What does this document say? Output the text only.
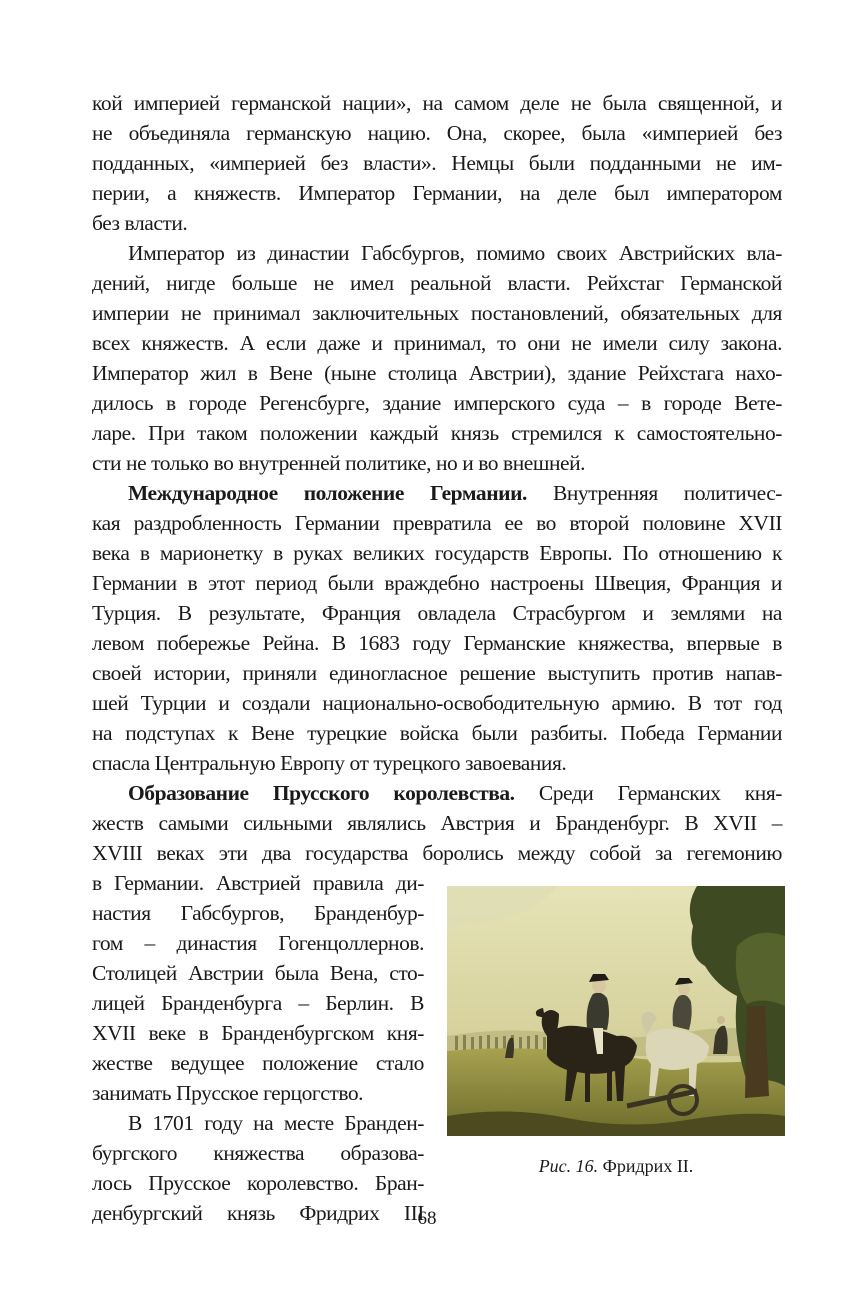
кой империей германской нации», на самом деле не была священной, и
не объединяла германскую нацию. Она, скорее, была «империей без
подданных, «империей без власти». Немцы были подданными не им-
перии, а княжеств. Император Германии, на деле был императором
без власти.
Император из династии Габсбургов, помимо своих Австрийских вла-
дений, нигде больше не имел реальной власти. Рейхстаг Германской
империи не принимал заключительных постановлений, обязательных для
всех княжеств. А если даже и принимал, то они не имели силу закона.
Император жил в Вене (ныне столица Австрии), здание Рейхстага нахо-
дилось в городе Регенсбурге, здание имперского суда – в городе Вете-
ларе. При таком положении каждый князь стремился к самостоятельно-
сти не только во внутренней политике, но и во внешней.
Международное положение Германии. Внутренняя политичес-
кая раздробленность Германии превратила ее во второй половине XVII
века в марионетку в руках великих государств Европы. По отношению к
Германии в этот период были враждебно настроены Швеция, Франция и
Турция. В результате, Франция овладела Страсбургом и землями на
левом побережье Рейна. В 1683 году Германские княжества, впервые в
своей истории, приняли единогласное решение выступить против напав-
шей Турции и создали национально-освободительную армию. В тот год
на подступах к Вене турецкие войска были разбиты. Победа Германии
спасла Центральную Европу от турецкого завоевания.
Образование Прусского королевства. Среди Германских кня-
жеств самыми сильными являлись Австрия и Бранденбург. В XVII –
XVIII веках эти два государства боролись между собой за гегемонию
в Германии. Австрией правила ди-
настия Габсбургов, Бранденбур-
гом – династия Гогенцоллернов.
Столицей Австрии была Вена, сто-
лицей Бранденбурга – Берлин. В
XVII веке в Бранденбургском кня-
жестве ведущее положение стало
занимать Прусское герцогство.
В 1701 году на месте Бранден-
бургского княжества образова-
лось Прусское королевство. Бран-
денбургский князь Фридрих III
Рис. 16. Фридрих II.
68
